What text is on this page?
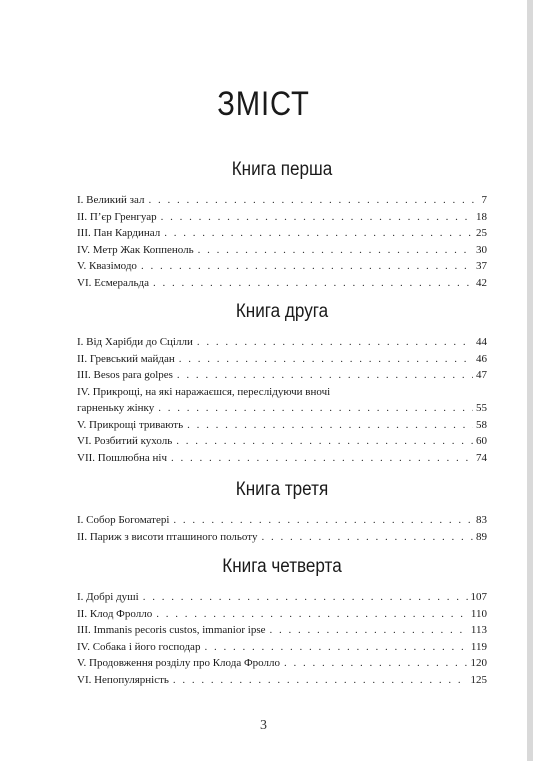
ЗМІСТ
Книга перша
I. Великий зал . . .	7
II. П’єр Гренгуар . . .	18
III. Пан Кардинал . . .	25
IV. Метр Жак Коппеноль . . .	30
V. Квазімодо . . .	37
VI. Есмеральда . . .	42
Книга друга
I. Від Харібди до Сцілли . . .	44
II. Гревський майдан . . .	46
III. Besos para golpes . . .	47
IV. Прикрощі, на які наражаєшся, переслідуючи вночі
гарненьку жінку . . .	55
V. Прикрощі тривають . . .	58
VI. Розбитий кухоль . . .	60
VII. Пошлюбна ніч . . .	74
Книга третя
I. Собор Богоматері . . .	83
II. Париж з висоти пташиного польоту . . .	89
Книга четверта
I. Добрі душі . . .	107
II. Клод Фролло . . .	110
III. Immanis pecoris custos, immanior ipse . . .	113
IV. Собака і його господар . . .	119
V. Продовження розділу про Клода Фролло . . .	120
VI. Непопулярність . . .	125
3
